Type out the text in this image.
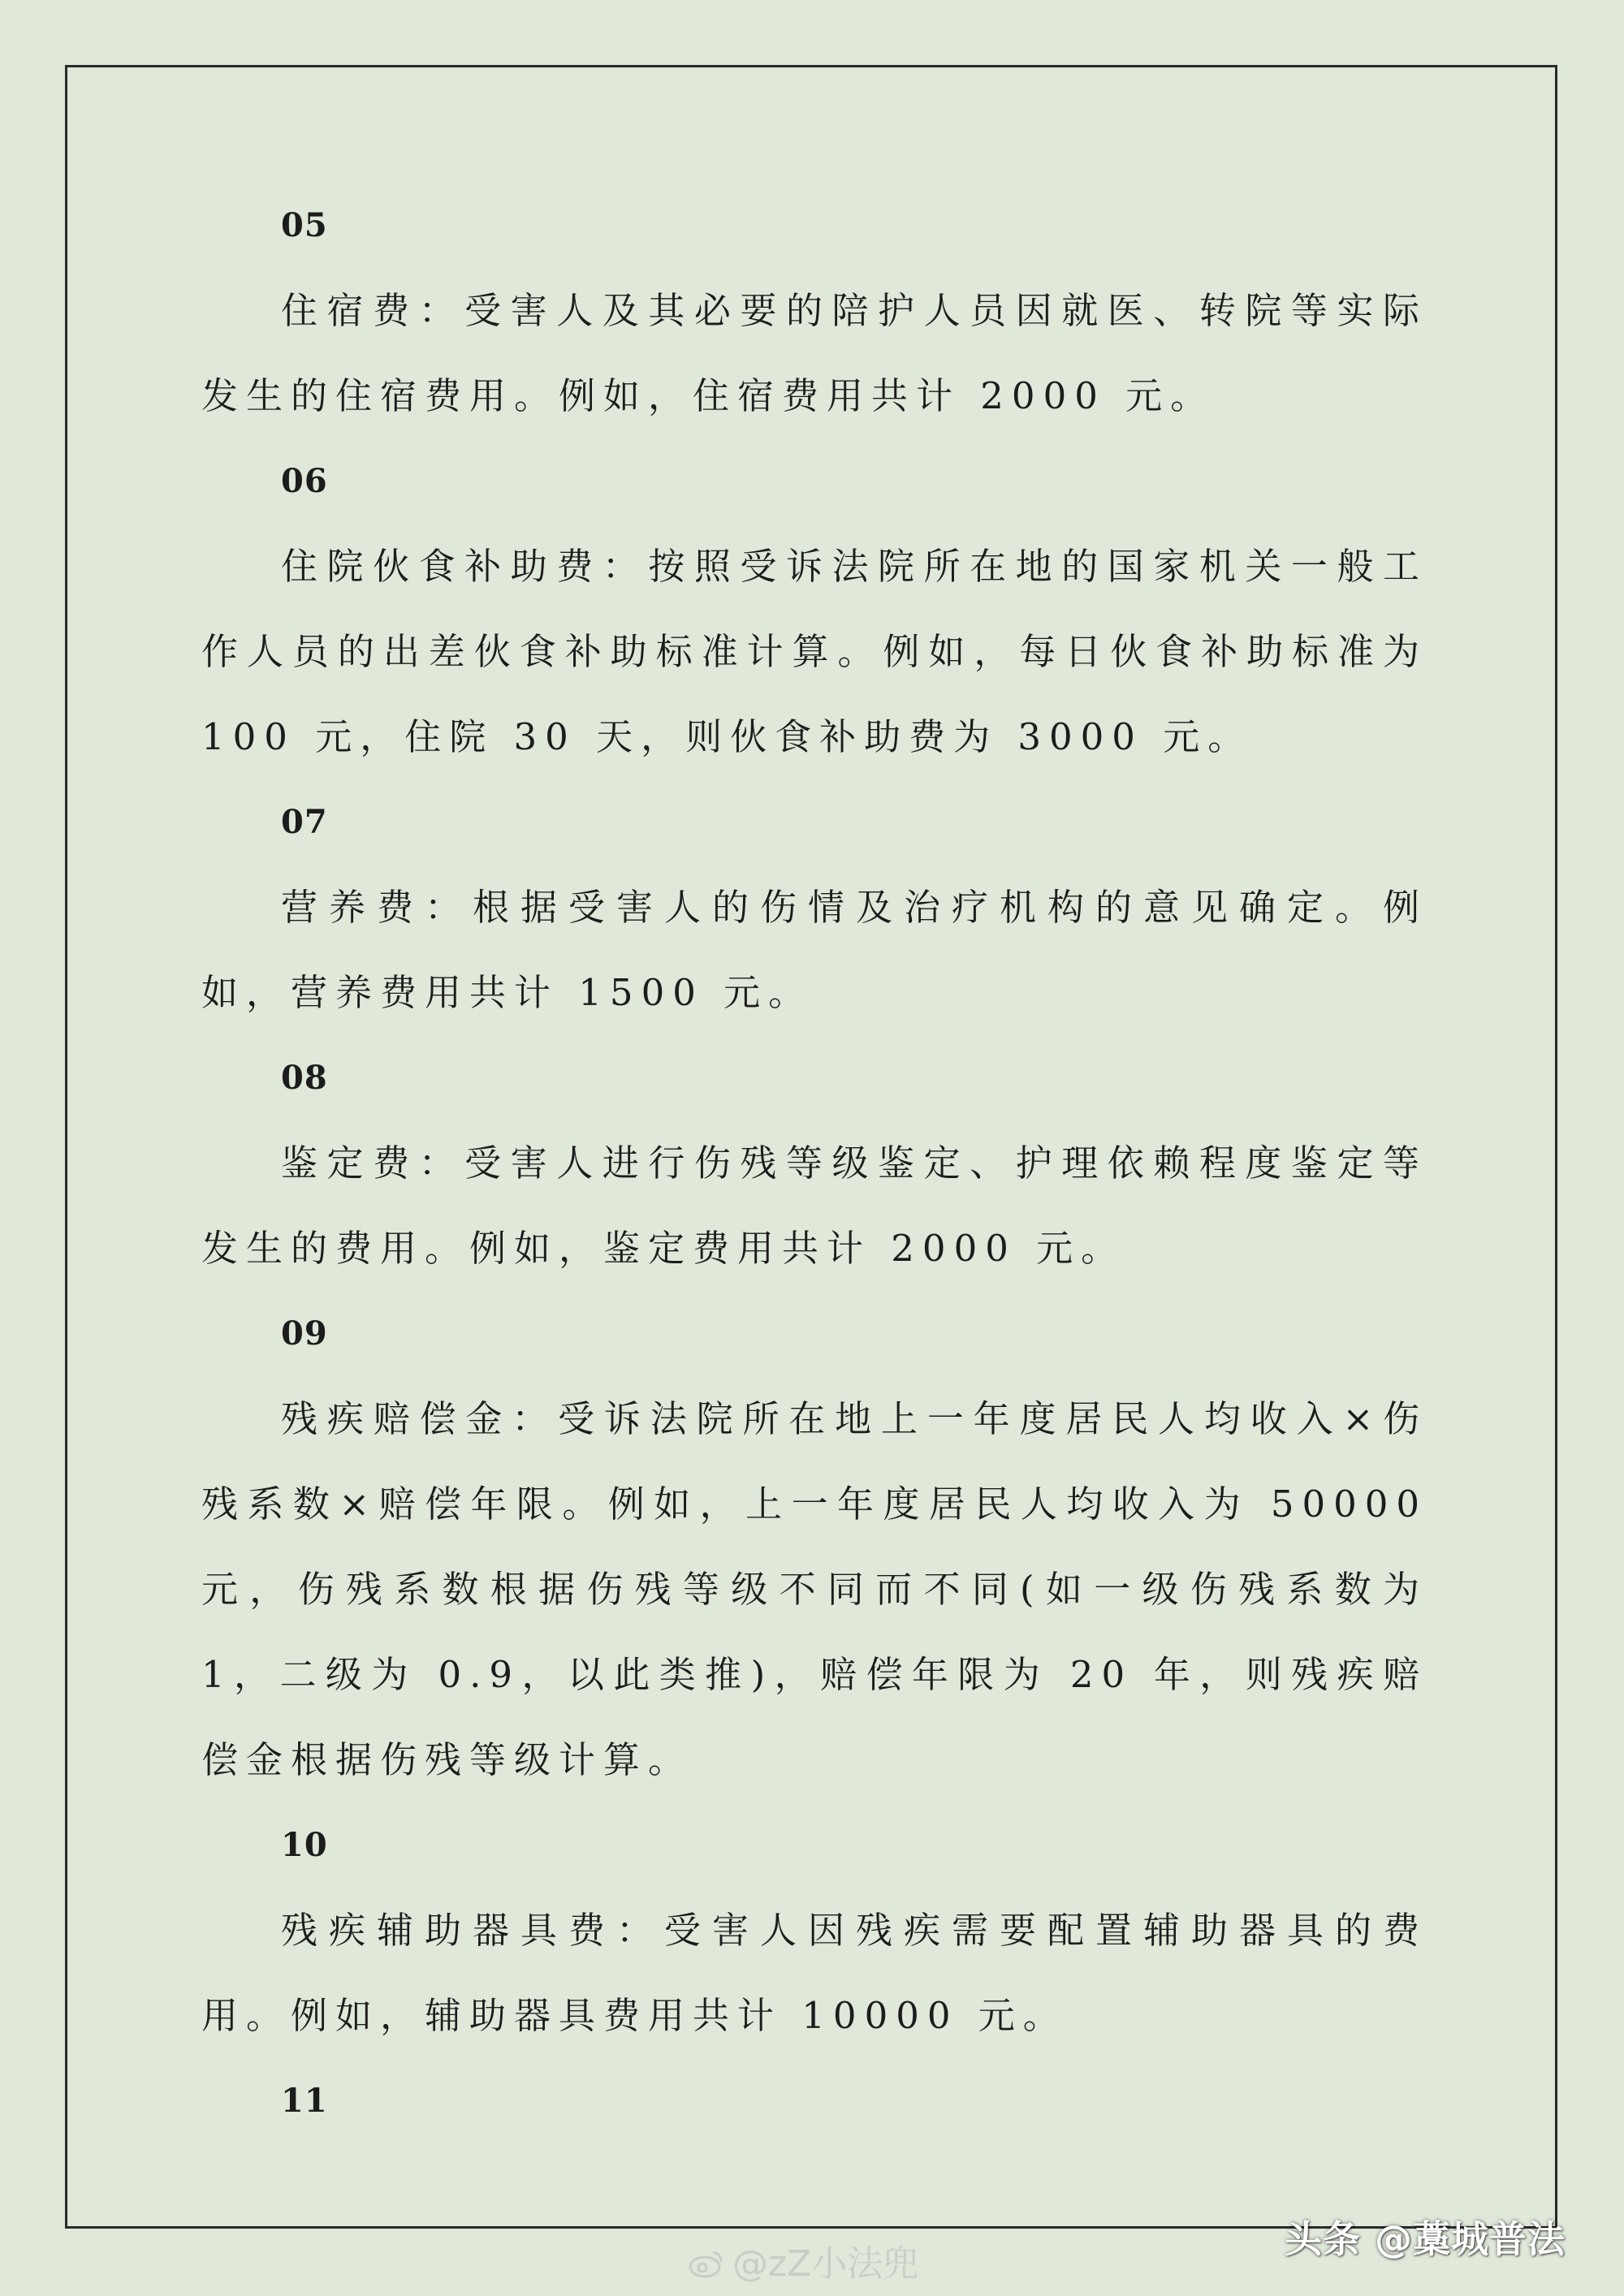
05

住宿费：受害人及其必要的陪护人员因就医、转院等实际发生的住宿费用。例如，住宿费用共计 2000 元。

06

住院伙食补助费：按照受诉法院所在地的国家机关一般工作人员的出差伙食补助标准计算。例如，每日伙食补助标准为 100 元，住院 30 天，则伙食补助费为 3000 元。

07

营养费：根据受害人的伤情及治疗机构的意见确定。例如，营养费用共计 1500 元。

08

鉴定费：受害人进行伤残等级鉴定、护理依赖程度鉴定等发生的费用。例如，鉴定费用共计 2000 元。

09

残疾赔偿金：受诉法院所在地上一年度居民人均收入×伤残系数×赔偿年限。例如，上一年度居民人均收入为 50000 元，伤残系数根据伤残等级不同而不同(如一级伤残系数为 1，二级为 0.9，以此类推)，赔偿年限为 20 年，则残疾赔偿金根据伤残等级计算。

10

残疾辅助器具费：受害人因残疾需要配置辅助器具的费用。例如，辅助器具费用共计 10000 元。

11
@zZ小法兜
头条 @藁城普法
